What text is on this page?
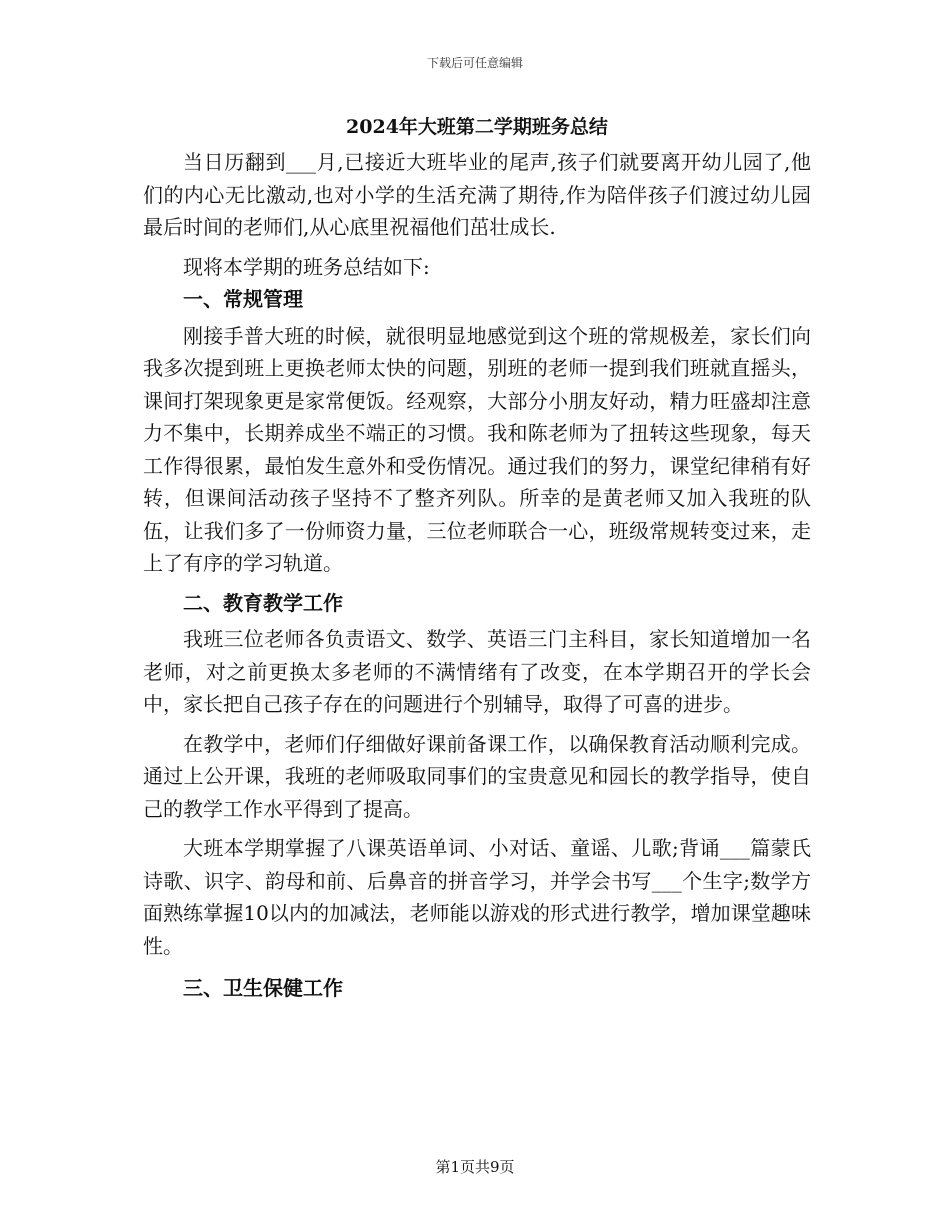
下载后可任意编辑
2024年大班第二学期班务总结

当日历翻到___月,已接近大班毕业的尾声,孩子们就要离开幼儿园了,他们的内心无比激动,也对小学的生活充满了期待,作为陪伴孩子们渡过幼儿园最后时间的老师们,从心底里祝福他们茁壮成长.

现将本学期的班务总结如下:

一、常规管理

刚接手普大班的时候，就很明显地感觉到这个班的常规极差，家长们向我多次提到班上更换老师太快的问题，别班的老师一提到我们班就直摇头，课间打架现象更是家常便饭。经观察，大部分小朋友好动，精力旺盛却注意力不集中，长期养成坐不端正的习惯。我和陈老师为了扭转这些现象，每天工作得很累，最怕发生意外和受伤情况。通过我们的努力，课堂纪律稍有好转，但课间活动孩子坚持不了整齐列队。所幸的是黄老师又加入我班的队伍，让我们多了一份师资力量，三位老师联合一心，班级常规转变过来，走上了有序的学习轨道。

二、教育教学工作

我班三位老师各负责语文、数学、英语三门主科目，家长知道增加一名老师，对之前更换太多老师的不满情绪有了改变，在本学期召开的学长会中，家长把自己孩子存在的问题进行个别辅导，取得了可喜的进步。

在教学中，老师们仔细做好课前备课工作，以确保教育活动顺利完成。通过上公开课，我班的老师吸取同事们的宝贵意见和园长的教学指导，使自己的教学工作水平得到了提高。

大班本学期掌握了八课英语单词、小对话、童谣、儿歌;背诵___篇蒙氏诗歌、识字、韵母和前、后鼻音的拼音学习，并学会书写___个生字;数学方面熟练掌握10以内的加减法，老师能以游戏的形式进行教学，增加课堂趣味性。

三、卫生保健工作
第1页共9页
